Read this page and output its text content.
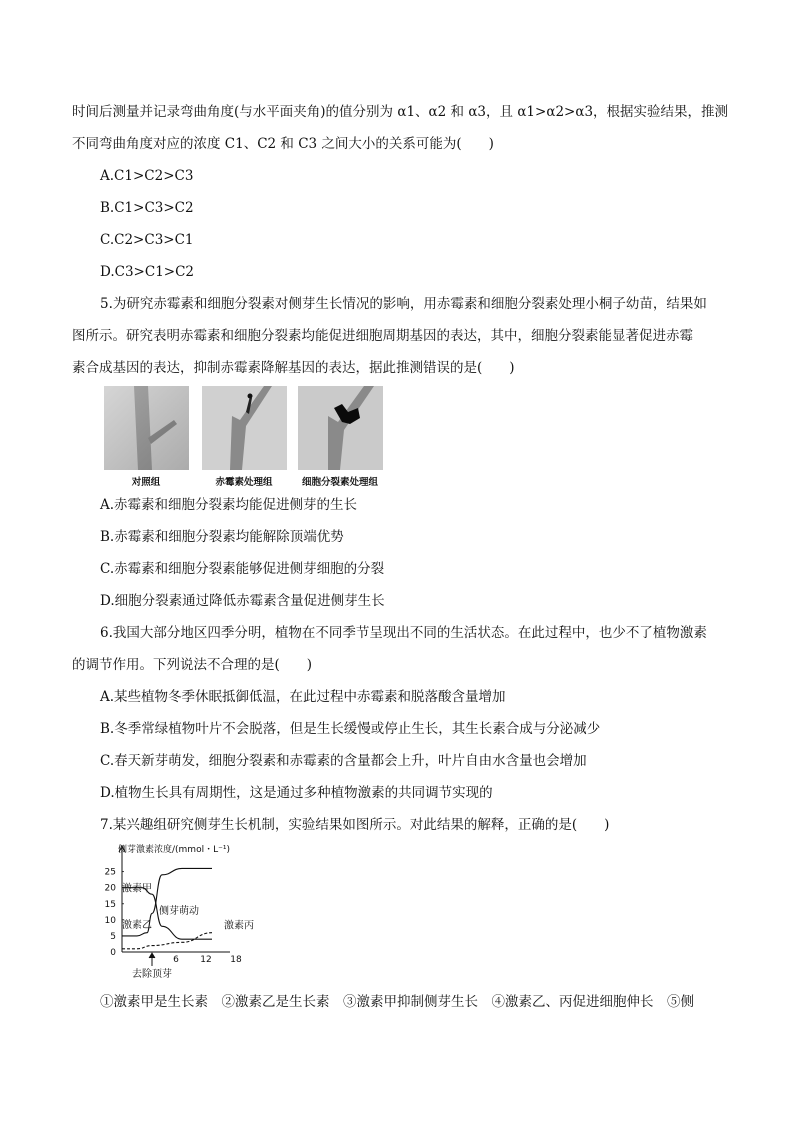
时间后测量并记录弯曲角度(与水平面夹角)的值分别为 α1、α2 和 α3，且 α1>α2>α3，根据实验结果，推测
不同弯曲角度对应的浓度 C1、C2 和 C3 之间大小的关系可能为(　　)
A.C1>C2>C3
B.C1>C3>C2
C.C2>C3>C1
D.C3>C1>C2
5.为研究赤霉素和细胞分裂素对侧芽生长情况的影响，用赤霉素和细胞分裂素处理小桐子幼苗，结果如
图所示。研究表明赤霉素和细胞分裂素均能促进细胞周期基因的表达，其中，细胞分裂素能显著促进赤霉
素合成基因的表达，抑制赤霉素降解基因的表达，据此推测错误的是(　　)
对照组	赤霉素处理组	细胞分裂素处理组
A.赤霉素和细胞分裂素均能促进侧芽的生长
B.赤霉素和细胞分裂素均能解除顶端优势
C.赤霉素和细胞分裂素能够促进侧芽细胞的分裂
D.细胞分裂素通过降低赤霉素含量促进侧芽生长
6.我国大部分地区四季分明，植物在不同季节呈现出不同的生活状态。在此过程中，也少不了植物激素
的调节作用。下列说法不合理的是(　　)
A.某些植物冬季休眠抵御低温，在此过程中赤霉素和脱落酸含量增加
B.冬季常绿植物叶片不会脱落，但是生长缓慢或停止生长，其生长素合成与分泌减少
C.春天新芽萌发，细胞分裂素和赤霉素的含量都会上升，叶片自由水含量也会增加
D.植物生长具有周期性，这是通过多种植物激素的共同调节实现的
7.某兴趣组研究侧芽生长机制，实验结果如图所示。对此结果的解释，正确的是(　　)
0
5
10
15
20
25
6 12 18
侧芽激素浓度/(mmol・L⁻¹)
激素甲
激素乙	激素丙
侧芽萌动
去除顶芽
①激素甲是生长素　②激素乙是生长素　③激素甲抑制侧芽生长　④激素乙、丙促进细胞伸长　⑤侧
